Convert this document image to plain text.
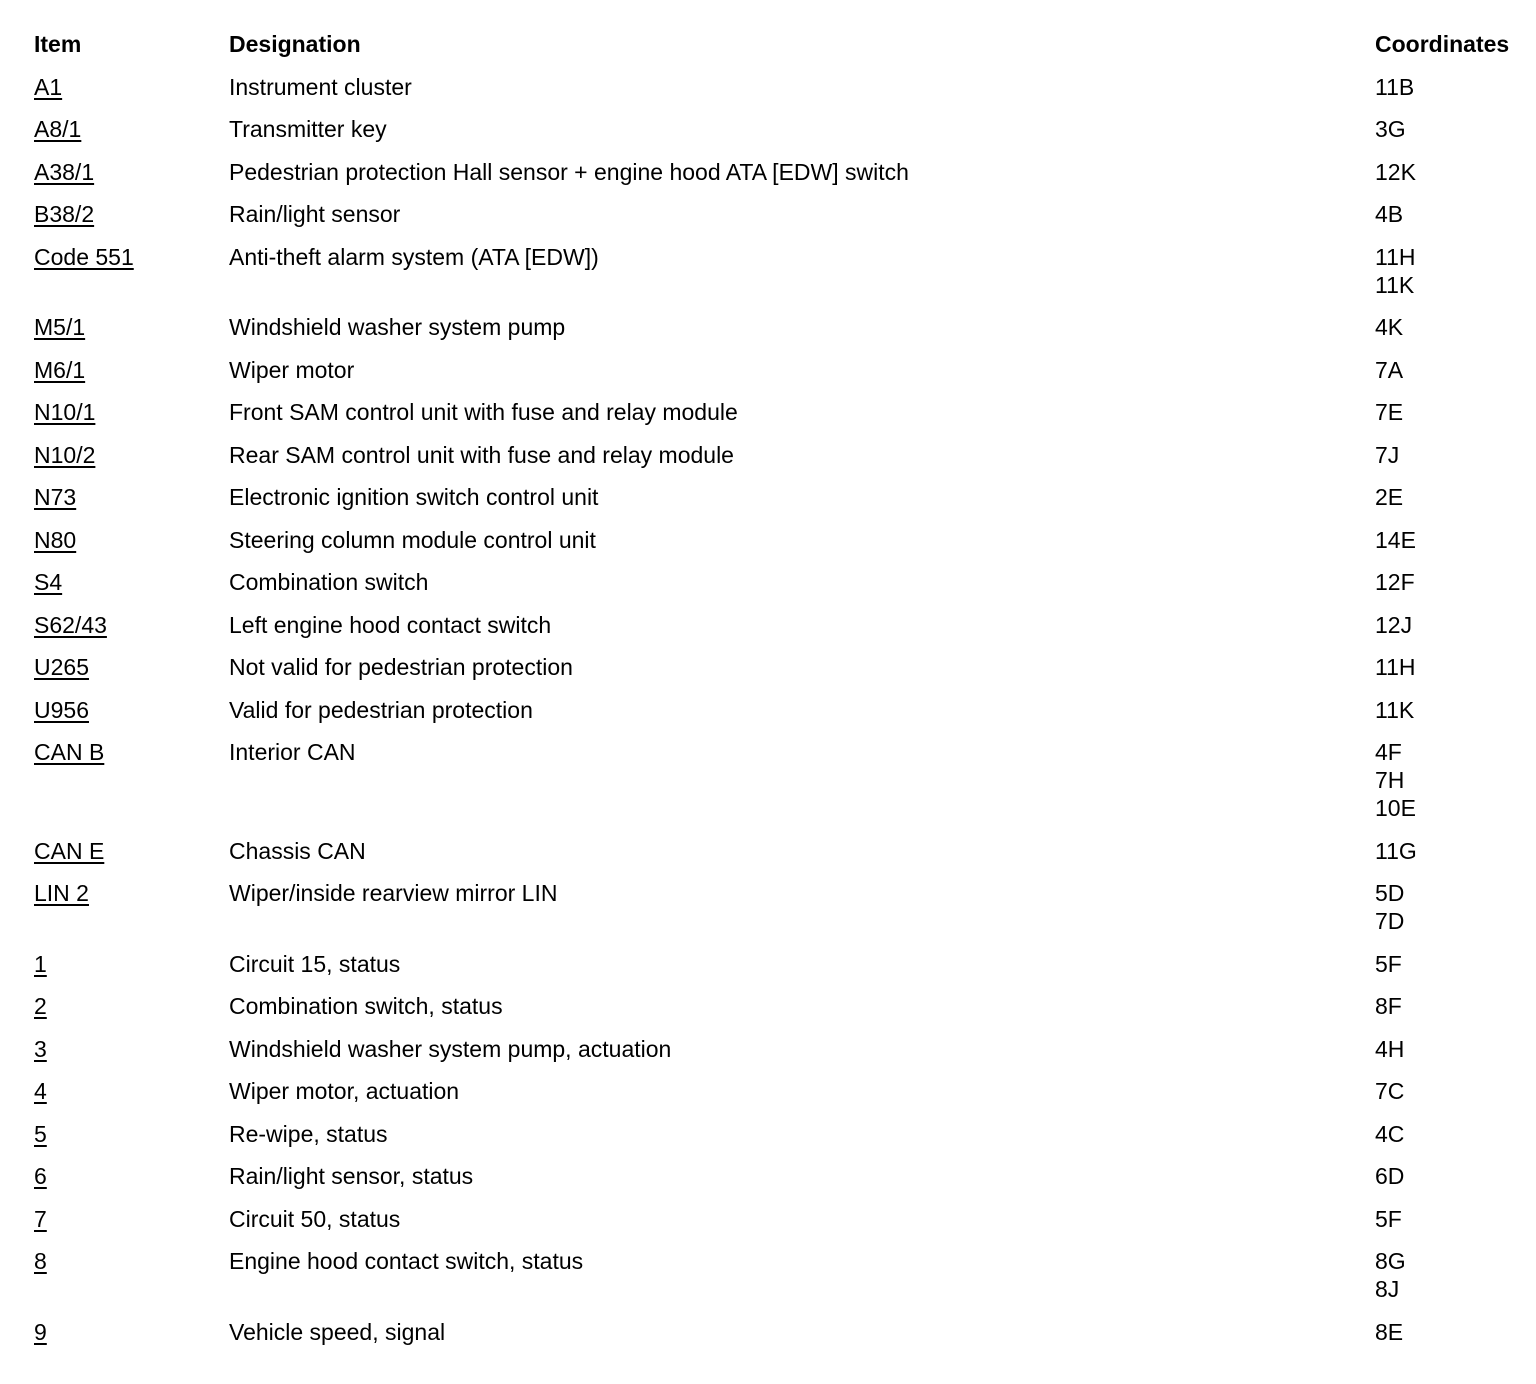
Item	Designation	Coordinates
A1	Instrument cluster	11B
A8/1	Transmitter key	3G
A38/1	Pedestrian protection Hall sensor + engine hood ATA [EDW] switch	12K
B38/2	Rain/light sensor	4B
Code 551	Anti-theft alarm system (ATA [EDW])	11H
11K
M5/1	Windshield washer system pump	4K
M6/1	Wiper motor	7A
N10/1	Front SAM control unit with fuse and relay module	7E
N10/2	Rear SAM control unit with fuse and relay module	7J
N73	Electronic ignition switch control unit	2E
N80	Steering column module control unit	14E
S4	Combination switch	12F
S62/43	Left engine hood contact switch	12J
U265	Not valid for pedestrian protection	11H
U956	Valid for pedestrian protection	11K
CAN B	Interior CAN	4F
7H
10E
CAN E	Chassis CAN	11G
LIN 2	Wiper/inside rearview mirror LIN	5D
7D
1	Circuit 15, status	5F
2	Combination switch, status	8F
3	Windshield washer system pump, actuation	4H
4	Wiper motor, actuation	7C
5	Re-wipe, status	4C
6	Rain/light sensor, status	6D
7	Circuit 50, status	5F
8	Engine hood contact switch, status	8G
8J
9	Vehicle speed, signal	8E
